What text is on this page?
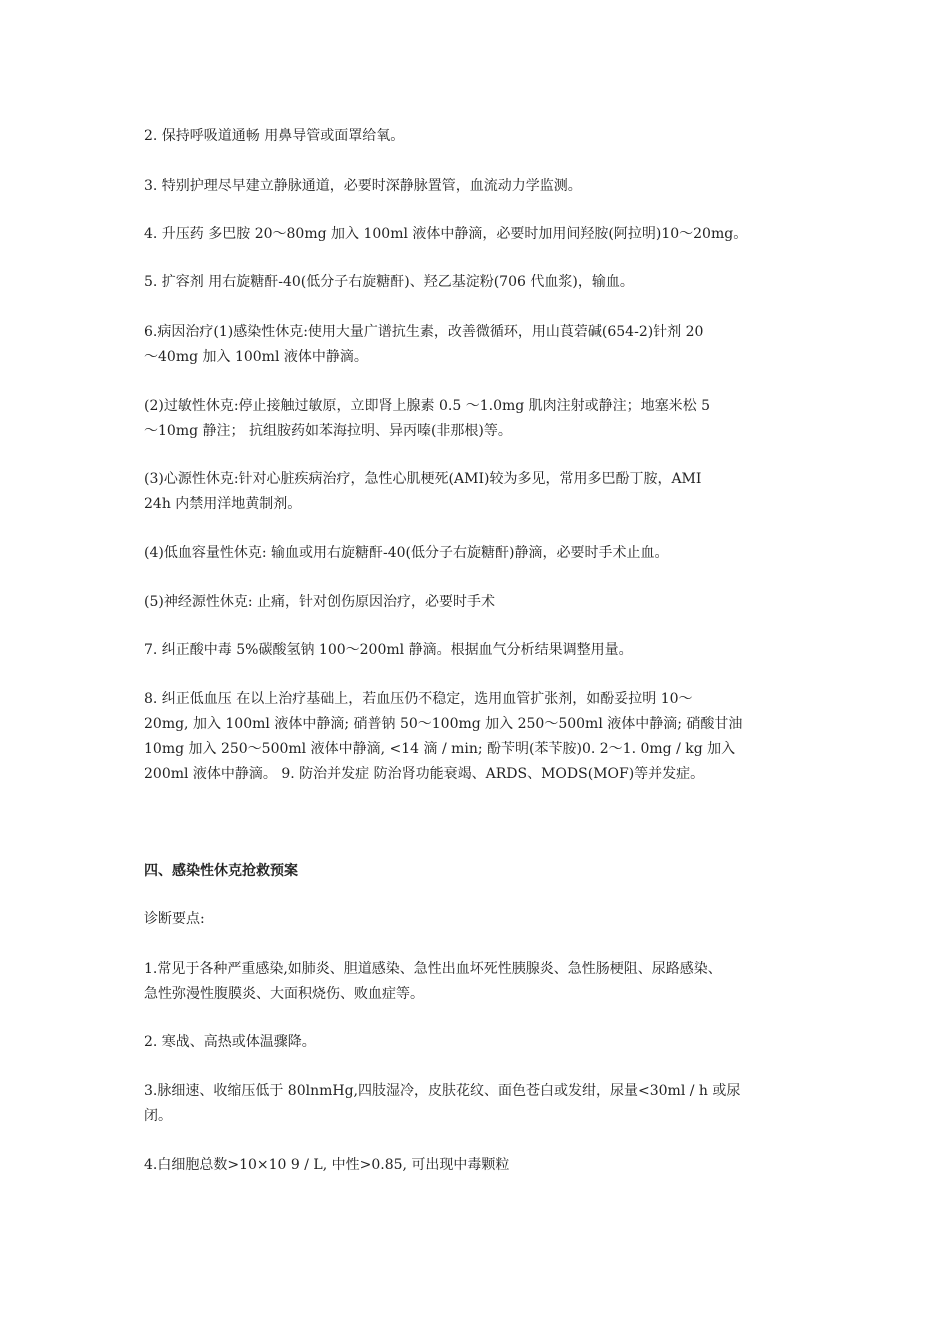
2. 保持呼吸道通畅 用鼻导管或面罩给氧。

3. 特别护理尽早建立静脉通道，必要时深静脉置管，血流动力学监测。

4. 升压药 多巴胺 20～80mg 加入 100ml 液体中静滴，必要时加用间羟胺(阿拉明)10～20mg。

5. 扩容剂 用右旋糖酐-40(低分子右旋糖酐)、羟乙基淀粉(706 代血浆)，输血。

6.病因治疗(1)感染性休克:使用大量广谱抗生素，改善微循环，用山莨菪碱(654-2)针剂 20
～40mg 加入 100ml 液体中静滴。

(2)过敏性休克:停止接触过敏原，立即肾上腺素 0.5 ～1.0mg 肌肉注射或静注；地塞米松 5
～10mg 静注； 抗组胺药如苯海拉明、异丙嗪(非那根)等。

(3)心源性休克:针对心脏疾病治疗，急性心肌梗死(AMI)较为多见，常用多巴酚丁胺，AMI
24h 内禁用洋地黄制剂。

(4)低血容量性休克: 输血或用右旋糖酐-40(低分子右旋糖酐)静滴，必要时手术止血。

(5)神经源性休克: 止痛，针对创伤原因治疗，必要时手术

7. 纠正酸中毒 5%碳酸氢钠 100～200ml 静滴。根据血气分析结果调整用量。

8. 纠正低血压 在以上治疗基础上，若血压仍不稳定，选用血管扩张剂，如酚妥拉明 10～
20mg, 加入 100ml 液体中静滴; 硝普钠 50～100mg 加入 250～500ml 液体中静滴; 硝酸甘油
10mg 加入 250～500ml 液体中静滴, <14 滴 / min; 酚苄明(苯苄胺)0. 2～1. 0mg / kg 加入
200ml 液体中静滴。 9. 防治并发症 防治肾功能衰竭、ARDS、MODS(MOF)等并发症。

四、感染性休克抢救预案

诊断要点:

1.常见于各种严重感染,如肺炎、胆道感染、急性出血坏死性胰腺炎、急性肠梗阻、尿路感染、
急性弥漫性腹膜炎、大面积烧伤、败血症等。

2. 寒战、高热或体温骤降。

3.脉细速、收缩压低于 80lnmHg,四肢湿冷，皮肤花纹、面色苍白或发绀，尿量<30ml / h 或尿
闭。

4.白细胞总数>10×10 9 / L, 中性>0.85, 可出现中毒颗粒
